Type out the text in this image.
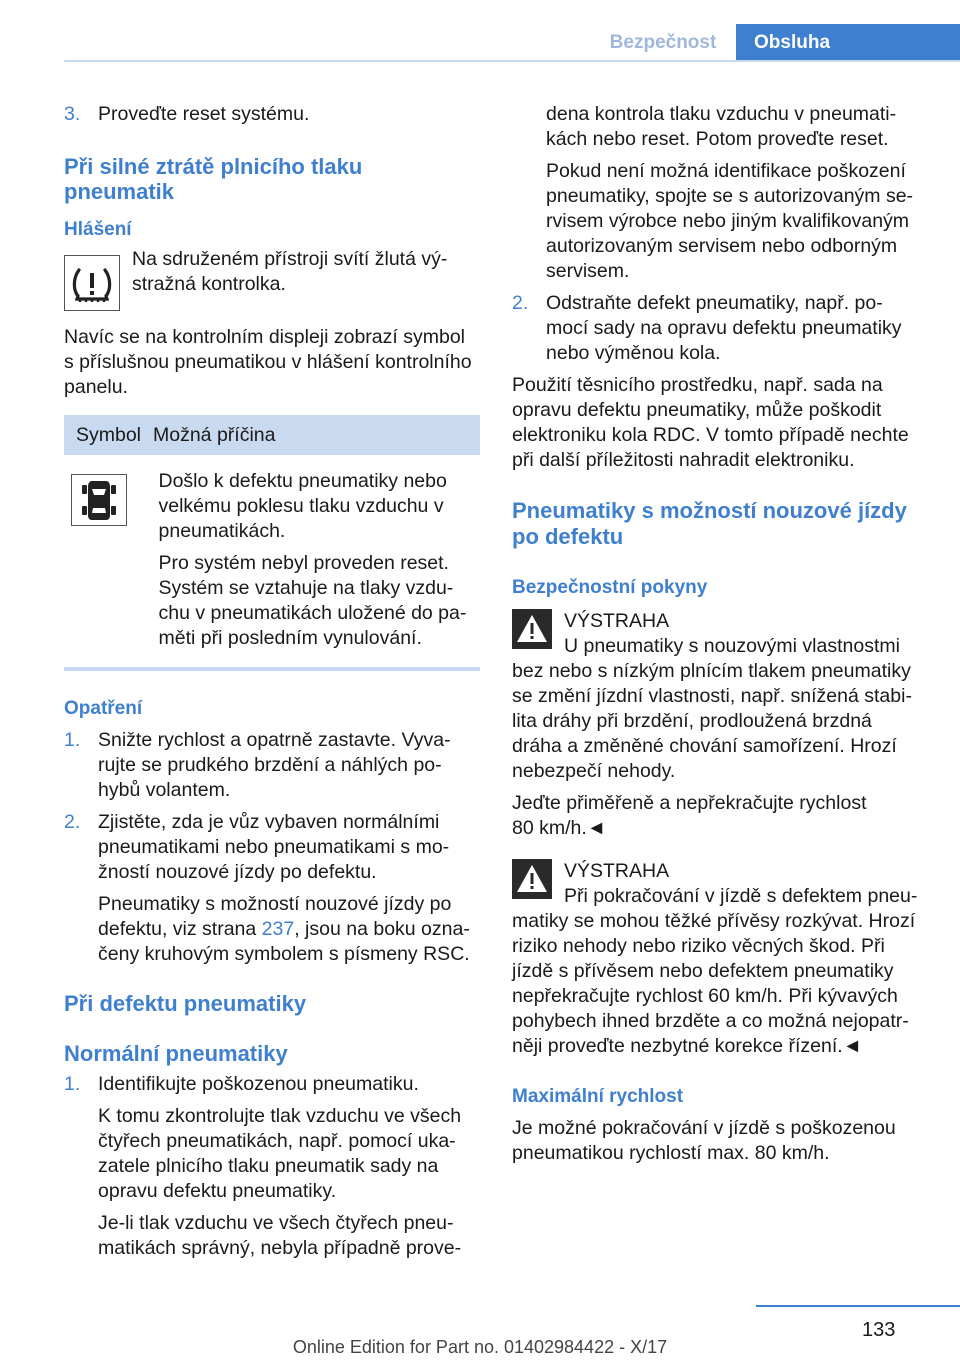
Bezpečnost	Obsluha
3. Proveďte reset systému.
Při silné ztrátě plnicího tlaku
pneumatik
Hlášení
Na sdruženém přístroji svítí žlutá vý-
stražná kontrolka.
Navíc se na kontrolním displeji zobrazí symbol
s příslušnou pneumatikou v hlášení kontrolního
panelu.
Symbol Možná příčina
Došlo k defektu pneumatiky nebo
velkému poklesu tlaku vzduchu v
pneumatikách.
Pro systém nebyl proveden reset.
Systém se vztahuje na tlaky vzdu-
chu v pneumatikách uložené do pa-
měti při posledním vynulování.
Opatření
1. Snižte rychlost a opatrně zastavte. Vyva-
rujte se prudkého brzdění a náhlých po-
hybů volantem.
2. Zjistěte, zda je vůz vybaven normálními
pneumatikami nebo pneumatikami s mo-
žností nouzové jízdy po defektu.
Pneumatiky s možností nouzové jízdy po
defektu, viz strana 237, jsou na boku ozna-
čeny kruhovým symbolem s písmeny RSC.
Při defektu pneumatiky
Normální pneumatiky
1. Identifikujte poškozenou pneumatiku.
K tomu zkontrolujte tlak vzduchu ve všech
čtyřech pneumatikách, např. pomocí uka-
zatele plnicího tlaku pneumatik sady na
opravu defektu pneumatiky.
Je-li tlak vzduchu ve všech čtyřech pneu-
matikách správný, nebyla případně prove-
dena kontrola tlaku vzduchu v pneumati-
kách nebo reset. Potom proveďte reset.
Pokud není možná identifikace poškození
pneumatiky, spojte se s autorizovaným se-
rvisem výrobce nebo jiným kvalifikovaným
autorizovaným servisem nebo odborným
servisem.
2. Odstraňte defekt pneumatiky, např. po-
mocí sady na opravu defektu pneumatiky
nebo výměnou kola.
Použití těsnicího prostředku, např. sada na
opravu defektu pneumatiky, může poškodit
elektroniku kola RDC. V tomto případě nechte
při další příležitosti nahradit elektroniku.
Pneumatiky s možností nouzové jízdy
po defektu
Bezpečnostní pokyny
VÝSTRAHA
U pneumatiky s nouzovými vlastnostmi
bez nebo s nízkým plnícím tlakem pneumatiky
se změní jízdní vlastnosti, např. snížená stabi-
lita dráhy při brzdění, prodloužená brzdná
dráha a změněné chování samořízení. Hrozí
nebezpečí nehody.
Jeďte přiměřeně a nepřekračujte rychlost
80 km/h.◄
VÝSTRAHA
Při pokračování v jízdě s defektem pneu-
matiky se mohou těžké přívěsy rozkývat. Hrozí
riziko nehody nebo riziko věcných škod. Při
jízdě s přívěsem nebo defektem pneumatiky
nepřekračujte rychlost 60 km/h. Při kývavých
pohybech ihned brzděte a co možná nejopatr-
něji proveďte nezbytné korekce řízení.◄
Maximální rychlost
Je možné pokračování v jízdě s poškozenou
pneumatikou rychlostí max. 80 km/h.
133
Online Edition for Part no. 01402984422 - X/17
